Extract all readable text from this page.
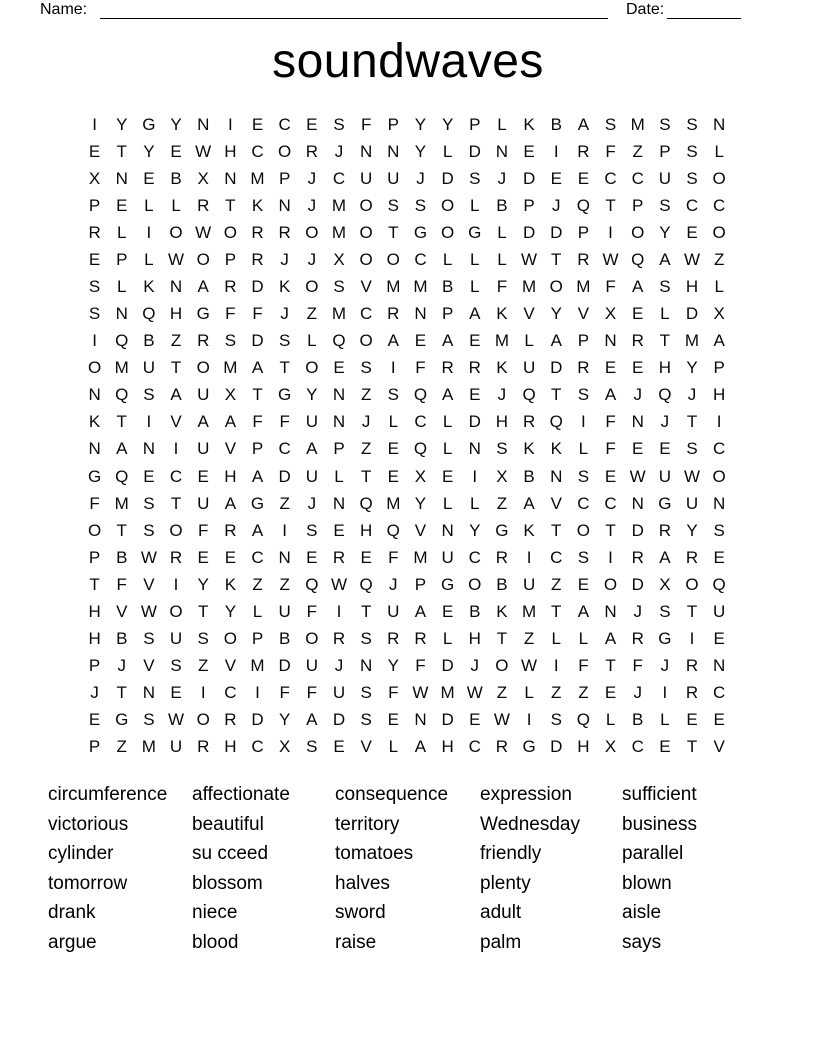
Name:	Date:
soundwaves
I	Y G Y N	I	E C E S F P Y Y P L K B A S M S S N
E T Y E W H C O R J N N Y L D N E	I	R F Z P S L
X N E B X N M P	J C U U J D S	J D E E C C U S O
P E L	L R T K N J M O S S O L B P	J Q T P S C C
R L	I	O W O R R O M O T G O G L D D P	I	O Y E O
E P L W O P R J	J	X O O C L	L	L W T R W Q A W Z
S L K N A R D K O S V M M B L	F M O M F A S H L
S N Q H G F F	J	Z M C R N P A K V Y V X E L D X
I	Q B Z R S D S L Q O A E A E M L A P N R T M A
O M U T O M A T O E S	I	F R R K U D R E E H Y P
N Q S A U X T G Y N Z S Q A E	J Q T S A	J Q J H
K T	I	V A A F F U N J	L C L D H R Q	I	F N J	T	I
N A N	I	U V P C A P Z E Q L N S K K L	F E E S C
G Q E C E H A D U L	T E X E	I	X B N S E W U W O
F M S T U A G Z	J N Q M Y L	L	Z A V C C N G U N
O T S O F R A	I	S E H Q V N Y G K T O T D R Y S
P B W R E E C N E R E F M U C R	I	C S	I	R A R E
T F V	I	Y K Z Z Q W Q J	P G O B U Z E O D X O Q
H V W O T Y L U F	I	T U A E B K M T A N J	S T U
H B S U S O P B O R S R R L H T Z	L	L A R G	I	E
P	J	V S Z V M D U J N Y F D J O W I	F T F	J R N
J	T N E	I	C	I	F F U S F W M W Z	L	Z Z E	J	I	R C
E G S W O R D Y A D S E N D E W I	S Q L B L E E
P Z M U R H C X S E V L A H C R G D H X C E T V
circumference
victorious
cylinder
tomorrow
drank
argue
affectionate
beautiful
su cceed
blossom
niece
blood
consequence
territory
tomatoes
halves
sword
raise
expression
Wednesday
friendly
plenty
adult
palm
sufficient
business
parallel
blown
aisle
says
